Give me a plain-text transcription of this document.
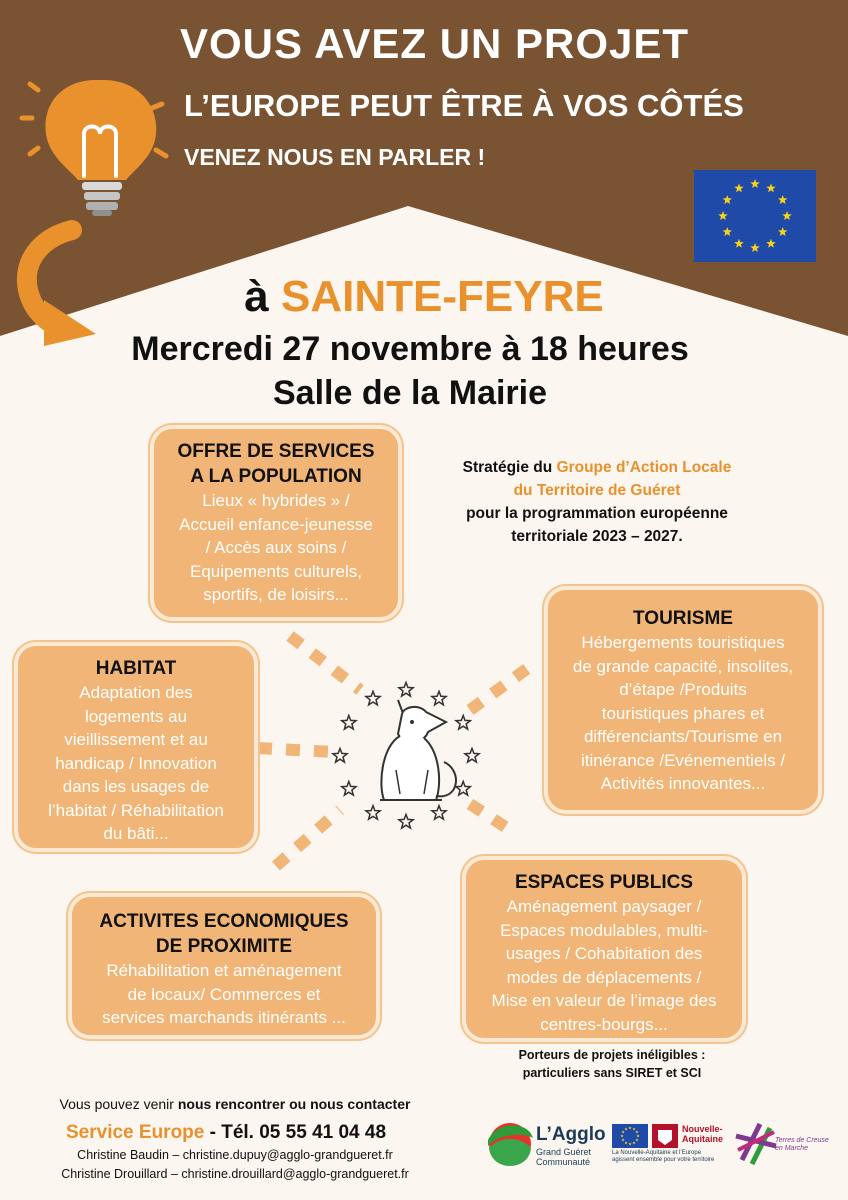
VOUS AVEZ UN PROJET
L’EUROPE PEUT ÊTRE À VOS CÔTÉS
VENEZ NOUS EN PARLER !
à SAINTE-FEYRE
Mercredi 27 novembre à 18 heures
Salle de la Mairie
OFFRE DE SERVICES
A LA POPULATION
Lieux « hybrides » /
Accueil enfance-jeunesse
/ Accès aux soins /
Equipements culturels,
sportifs, de loisirs...
Stratégie du Groupe d’Action Locale
du Territoire de Guéret
pour la programmation européenne
territoriale 2023 – 2027.
TOURISME
Hébergements touristiques
de grande capacité, insolites,
d’étape /Produits
touristiques phares et
différenciants/Tourisme en
itinérance /Evénementiels /
Activités innovantes...
HABITAT
Adaptation des
logements au
vieillissement et au
handicap / Innovation
dans les usages de
l’habitat / Réhabilitation
du bâti...
ACTIVITES ECONOMIQUES
DE PROXIMITE
Réhabilitation et aménagement
de locaux/ Commerces et
services marchands itinérants ...
ESPACES PUBLICS
Aménagement paysager /
Espaces modulables, multi-
usages / Cohabitation des
modes de déplacements /
Mise en valeur de l’image des
centres-bourgs...
Porteurs de projets inéligibles :
particuliers sans SIRET et SCI
Vous pouvez venir nous rencontrer ou nous contacter
Service Europe - Tél. 05 55 41 04 48
Christine Baudin – christine.dupuy@agglo-grandgueret.fr
Christine Drouillard – christine.drouillard@agglo-grandgueret.fr
L’Agglo
Grand Guéret
Communauté
La Nouvelle-Aquitaine et l’Europe
agissent ensemble pour votre territoire
Nouvelle-
Aquitaine	Terres de Creuse
en Marche
